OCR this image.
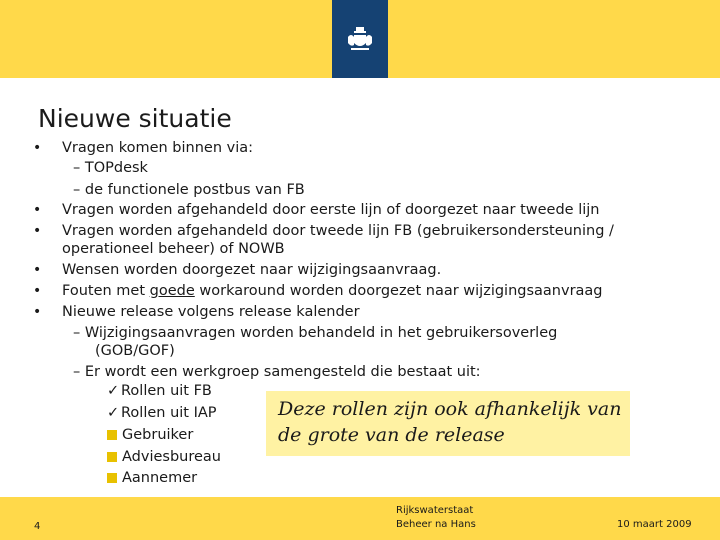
Nieuwe situatie
•
•
•
•
•
•
Vragen komen binnen via:
– TOPdesk
– de functionele postbus van FB
Vragen worden afgehandeld door eerste lijn of doorgezet naar tweede lijn
Vragen worden afgehandeld door tweede lijn FB (gebruikersondersteuning /
operationeel beheer) of NOWB
Wensen worden doorgezet naar wijzigingsaanvraag.
Fouten met goede workaround worden doorgezet naar wijzigingsaanvraag
Nieuwe release volgens release kalender
– Wijzigingsaanvragen worden behandeld in het gebruikersoverleg
(GOB/GOF)
– Er wordt een werkgroep samengesteld die bestaat uit:
✓ Rollen uit FB
✓ Rollen uit IAP
Gebruiker
Adviesbureau
Aannemer
Deze rollen zijn ook afhankelijk van
de grote van de release
4
Rijkswaterstaat
Beheer na Hans	10 maart 2009
